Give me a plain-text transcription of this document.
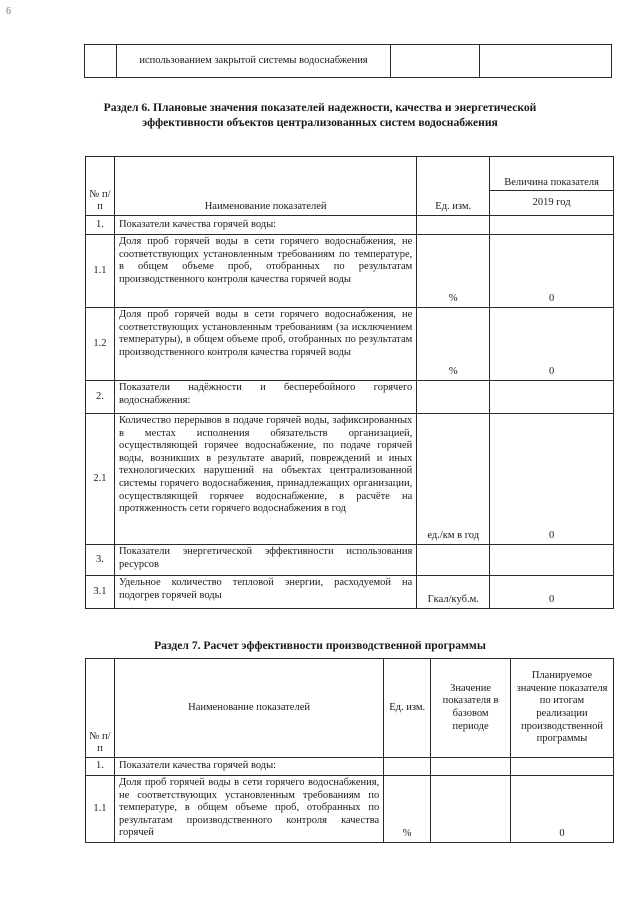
6
	использованием закрытой системы водоснабжения		
Раздел 6. Плановые значения показателей надежности, качества и энергетической
эффективности объектов централизованных систем водоснабжения
№ п/п	Наименование показателей	Ед. изм.	Величина показателя
			2019 год
1.	Показатели качества горячей воды:		
1.1	Доля проб горячей воды в сети горячего водоснабжения, не соответствующих установленным требованиям по температуре, в общем объеме проб, отобранных по результатам производственного контроля качества горячей воды	%	0
1.2	Доля проб горячей воды в сети горячего водоснабжения, не соответствующих установленным требованиям (за исключением температуры), в общем объеме проб, отобранных по результатам производственного контроля качества горячей воды	%	0
2.	Показатели надёжности и бесперебойного горячего водоснабжения:		
2.1	Количество перерывов в подаче горячей воды, зафиксированных в местах исполнения обязательств организацией, осуществляющей горячее водоснабжение, по подаче горячей воды, возникших в результате аварий, повреждений и иных технологических нарушений на объектах централизованной системы горячего водоснабжения, принадлежащих организации, осуществляющей горячее водоснабжение, в расчёте на протяженность сети горячего водоснабжения в год	ед./км в год	0
3.	Показатели энергетической эффективности использования ресурсов		
3.1	Удельное количество тепловой энергии, расходуемой на подогрев горячей воды	Гкал/куб.м.	0
Раздел 7. Расчет эффективности производственной программы
№ п/п	Наименование показателей	Ед. изм.	Значение показателя в базовом периоде	Планируемое значение показателя по итогам реализации производственной программы
1.	Показатели качества горячей воды:			
1.1	Доля проб горячей воды в сети горячего водоснабжения, не соответствующих установленным требованиям по температуре, в общем объеме проб, отобранных по результатам производственного контроля качества горячей	%		0
